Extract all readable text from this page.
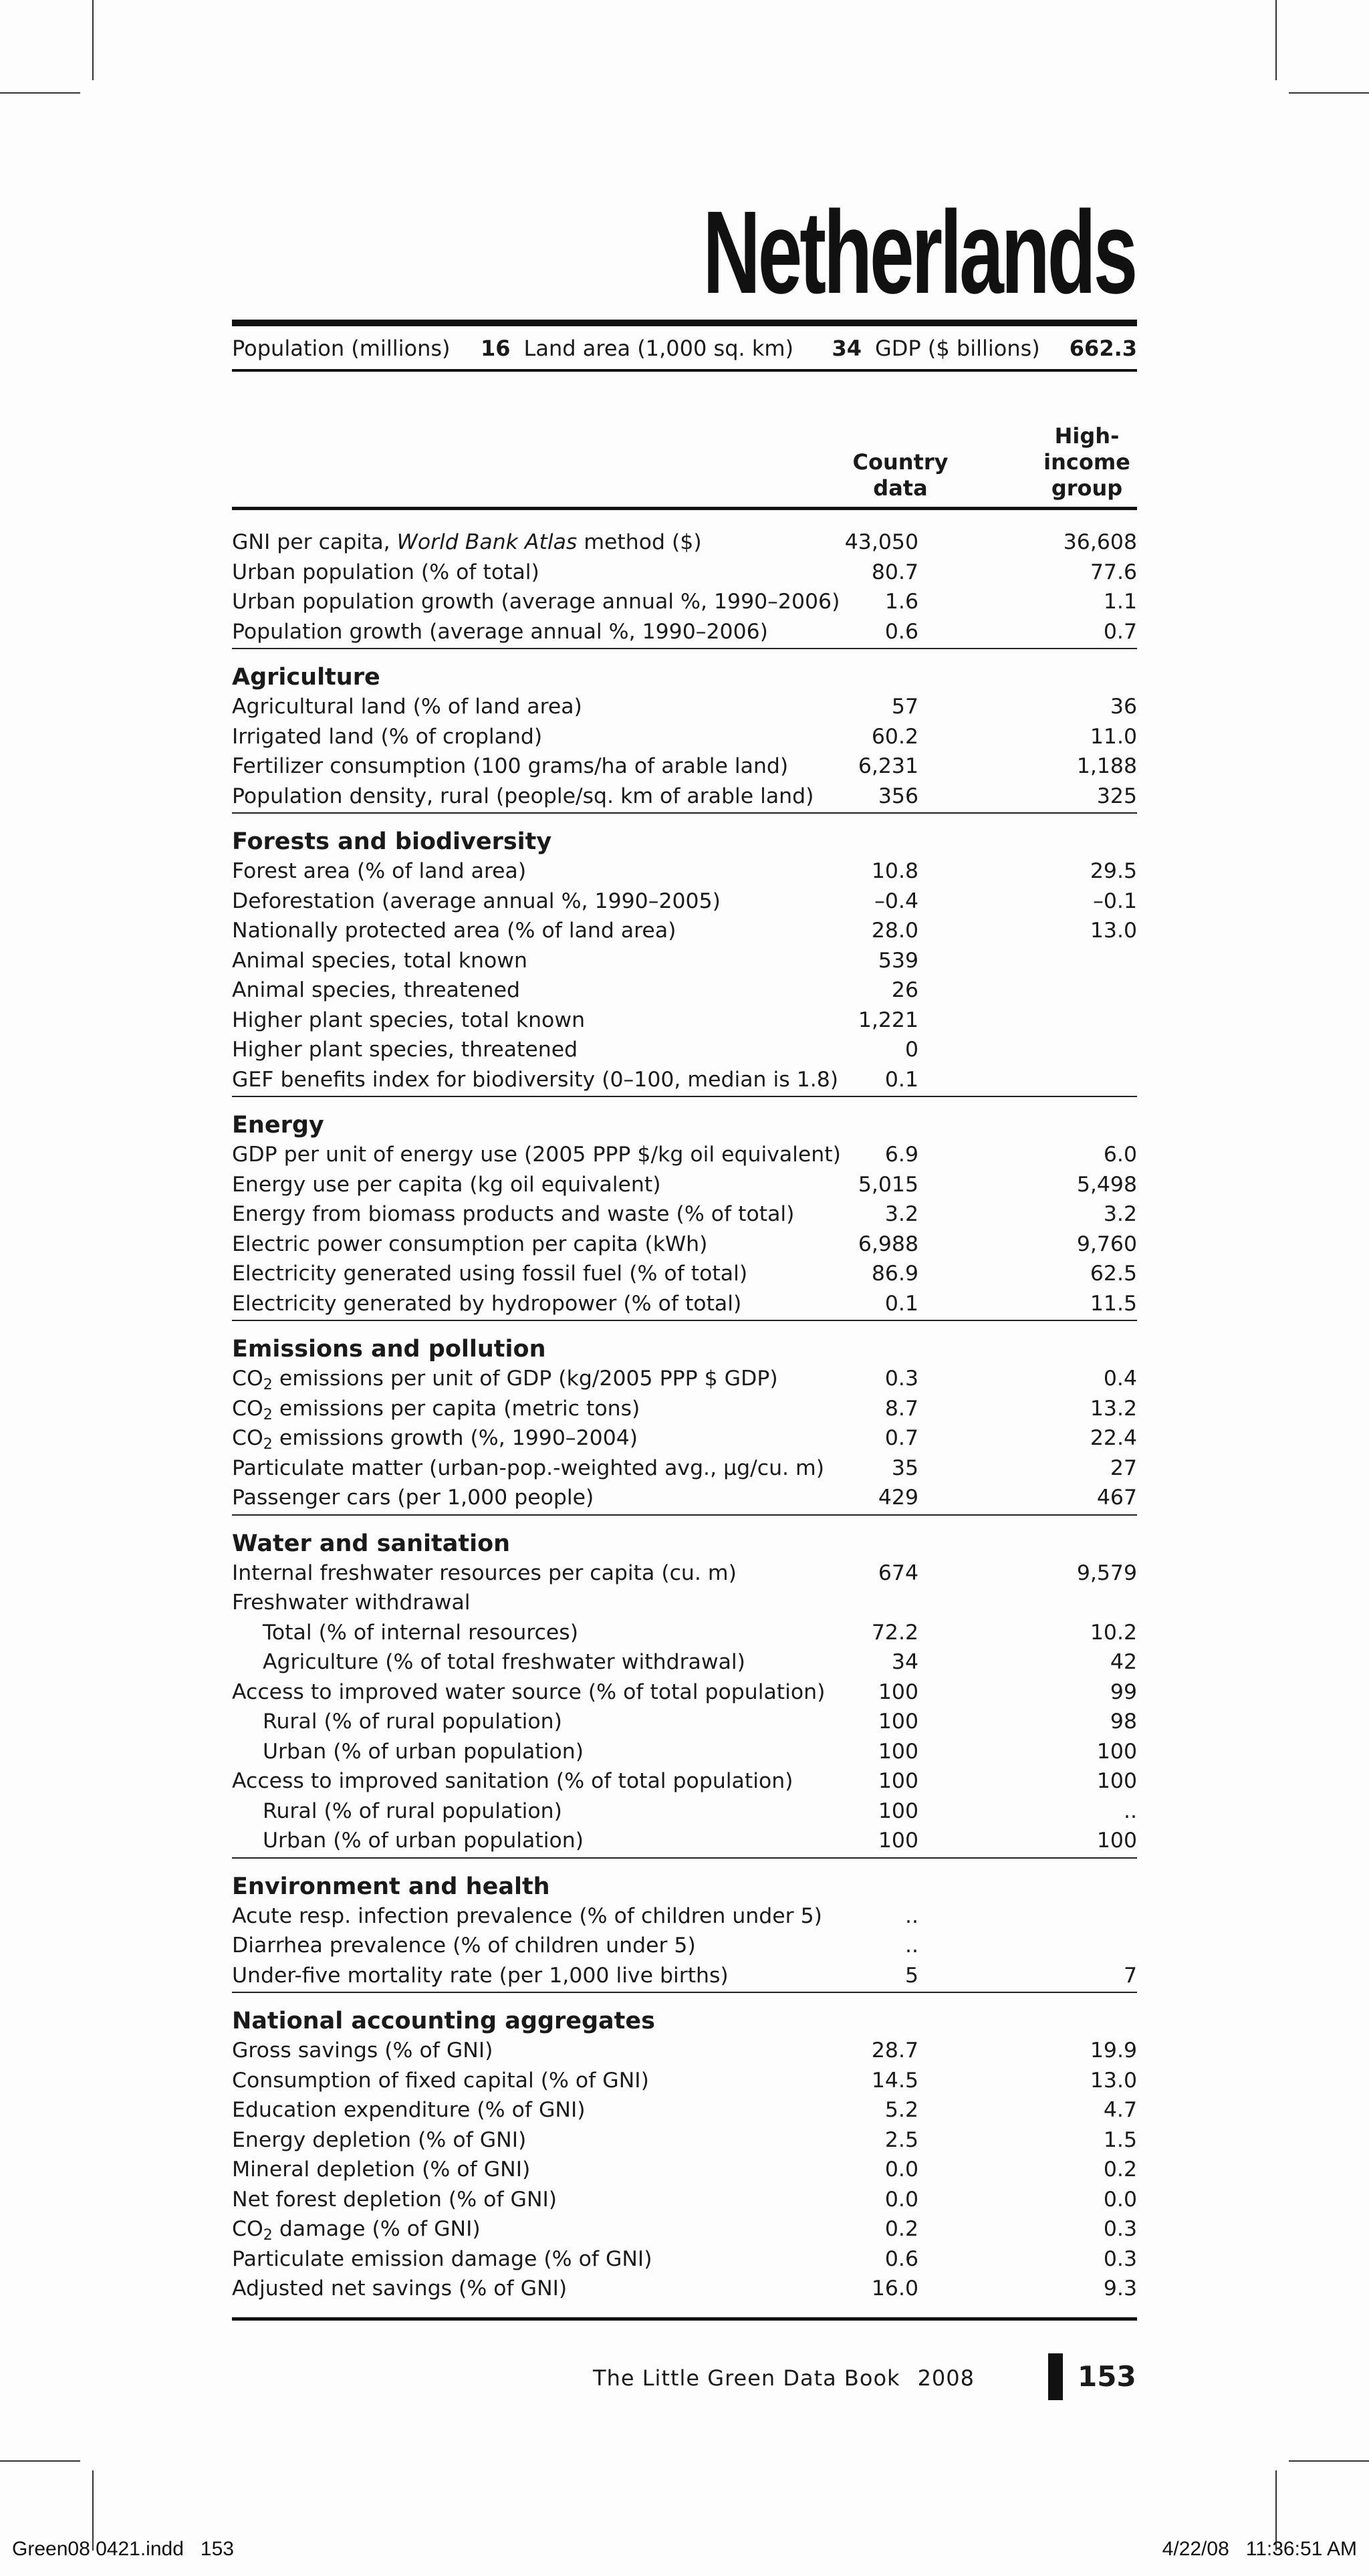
Netherlands
Population (millions) 16 Land area (1,000 sq. km) 34 GDP ($ billions) 662.3
Country
data
High-
income
group
GNI per capita, World Bank Atlas method ($)	43,050	36,608
Urban population (% of total)	80.7	77.6
Urban population growth (average annual %, 1990–2006) 1.6	1.1
Population growth (average annual %, 1990–2006)	0.6	0.7
Agriculture
Agricultural land (% of land area)	57	36
Irrigated land (% of cropland)	60.2	11.0
Fertilizer consumption (100 grams/ha of arable land)	6,231	1,188
Population density, rural (people/sq. km of arable land)	356	325
Forests and biodiversity
Forest area (% of land area)	10.8	29.5
Deforestation (average annual %, 1990–2005)	–0.4	–0.1
Nationally protected area (% of land area)	28.0	13.0
Animal species, total known	539
Animal species, threatened	26
Higher plant species, total known	1,221
Higher plant species, threatened	0
GEF benefits index for biodiversity (0–100, median is 1.8) 0.1
Energy
GDP per unit of energy use (2005 PPP $/kg oil equivalent) 6.9	6.0
Energy use per capita (kg oil equivalent)	5,015	5,498
Energy from biomass products and waste (% of total)	3.2	3.2
Electric power consumption per capita (kWh)	6,988	9,760
Electricity generated using fossil fuel (% of total)	86.9	62.5
Electricity generated by hydropower (% of total)	0.1	11.5
Emissions and pollution
$CO_2$ emissions per unit of GDP (kg/2005 PPP $ GDP)	0.3	0.4
$CO_2$ emissions per capita (metric tons)	8.7	13.2
$CO_2$ emissions growth (%, 1990–2004)	0.7	22.4
Particulate matter (urban-pop.-weighted avg., µg/cu. m)	35	27
Passenger cars (per 1,000 people)	429	467
Water and sanitation
Internal freshwater resources per capita (cu. m)	674	9,579
Freshwater withdrawal
Total (% of internal resources)	72.2	10.2
Agriculture (% of total freshwater withdrawal)	34	42
Access to improved water source (% of total population)	100	99
Rural (% of rural population)	100	98
Urban (% of urban population)	100	100
Access to improved sanitation (% of total population)	100	100
Rural (% of rural population)	100	..
Urban (% of urban population)	100	100
Environment and health
Acute resp. infection prevalence (% of children under 5)	..
Diarrhea prevalence (% of children under 5)	..
Under-five mortality rate (per 1,000 live births)	5	7
National accounting aggregates
Gross savings (% of GNI)	28.7	19.9
Consumption of fixed capital (% of GNI)	14.5	13.0
Education expenditure (% of GNI)	5.2	4.7
Energy depletion (% of GNI)	2.5	1.5
Mineral depletion (% of GNI)	0.0	0.2
Net forest depletion (% of GNI)	0.0	0.0
$CO_2$ damage (% of GNI)	0.2	0.3
Particulate emission damage (% of GNI)	0.6	0.3
Adjusted net savings (% of GNI)	16.0	9.3
The Little Green Data Book 2008	153
Green08 0421.indd   153	4/22/08   11:36:51 AM
